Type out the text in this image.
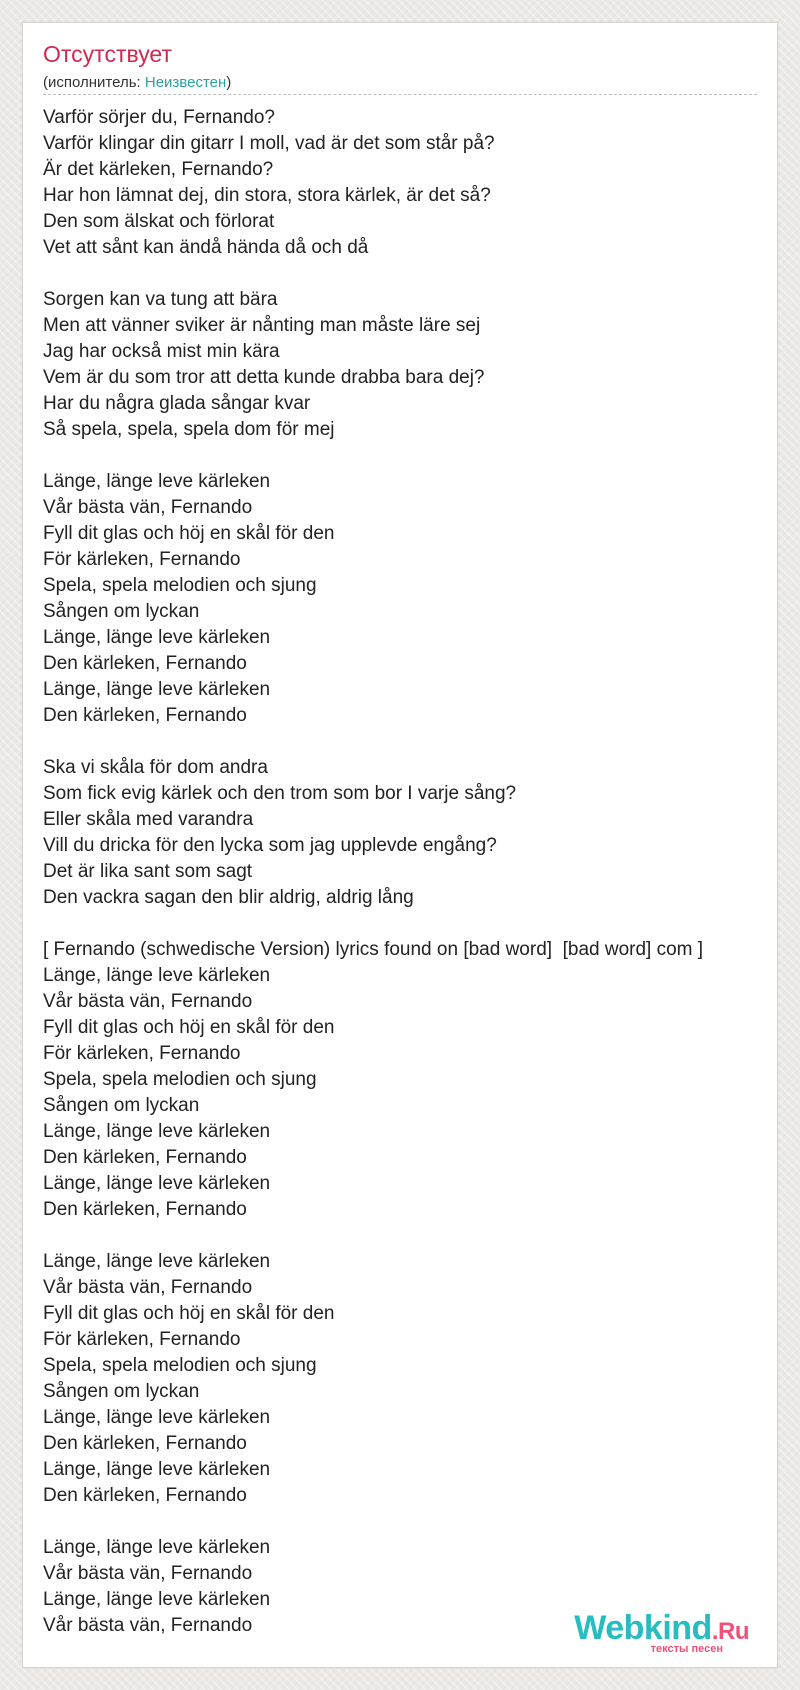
Отсутствует
(исполнитель: Неизвестен)
Varför sörjer du, Fernando?
Varför klingar din gitarr I moll, vad är det som står på?
Är det kärleken, Fernando?
Har hon lämnat dej, din stora, stora kärlek, är det så?
Den som älskat och förlorat
Vet att sånt kan ändå hända då och då
Sorgen kan va tung att bära
Men att vänner sviker är nånting man måste läre sej
Jag har också mist min kära
Vem är du som tror att detta kunde drabba bara dej?
Har du några glada sångar kvar
Så spela, spela, spela dom för mej
Länge, länge leve kärleken
Vår bästa vän, Fernando
Fyll dit glas och höj en skål för den
För kärleken, Fernando
Spela, spela melodien och sjung
Sången om lyckan
Länge, länge leve kärleken
Den kärleken, Fernando
Länge, länge leve kärleken
Den kärleken, Fernando
Ska vi skåla för dom andra
Som fick evig kärlek och den trom som bor I varje sång?
Eller skåla med varandra
Vill du dricka för den lycka som jag upplevde engång?
Det är lika sant som sagt
Den vackra sagan den blir aldrig, aldrig lång
[ Fernando (schwedische Version) lyrics found on [bad word]  [bad word] com ]
Länge, länge leve kärleken
Vår bästa vän, Fernando
Fyll dit glas och höj en skål för den
För kärleken, Fernando
Spela, spela melodien och sjung
Sången om lyckan
Länge, länge leve kärleken
Den kärleken, Fernando
Länge, länge leve kärleken
Den kärleken, Fernando
Länge, länge leve kärleken
Vår bästa vän, Fernando
Fyll dit glas och höj en skål för den
För kärleken, Fernando
Spela, spela melodien och sjung
Sången om lyckan
Länge, länge leve kärleken
Den kärleken, Fernando
Länge, länge leve kärleken
Den kärleken, Fernando
Länge, länge leve kärleken
Vår bästa vän, Fernando
Länge, länge leve kärleken
Vår bästa vän, Fernando	Webkind.Ru
тексты песен
